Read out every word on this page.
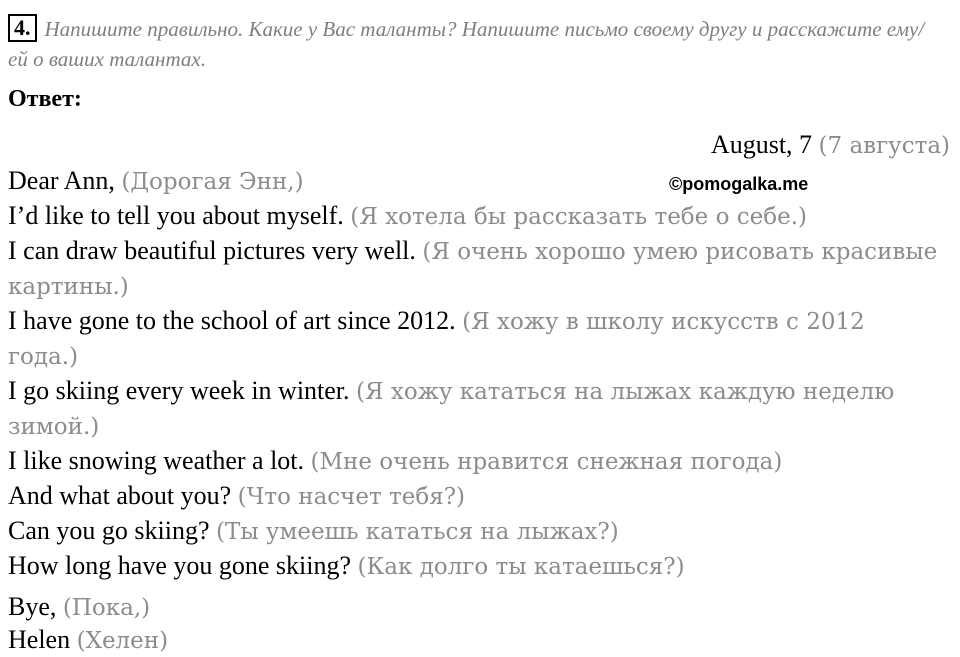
4. Напишите правильно. Какие у Вас таланты? Напишите письмо своему другу и расскажите ему/ей о ваших талантах.
Ответ:
August, 7 (7 августа)
©pomogalka.me
Dear Ann, (Дорогая Энн,)
I’d like to tell you about myself. (Я хотела бы рассказать тебе о себе.)
I can draw beautiful pictures very well. (Я очень хорошо умею рисовать красивые картины.)
I have gone to the school of art since 2012. (Я хожу в школу искусств с 2012 года.)
I go skiing every week in winter. (Я хожу кататься на лыжах каждую неделю зимой.)
I like snowing weather a lot. (Мне очень нравится снежная погода)
And what about you? (Что насчет тебя?)
Can you go skiing? (Ты умеешь кататься на лыжах?)
How long have you gone skiing? (Как долго ты катаешься?)
Bye, (Пока,)
Helen (Хелен)
